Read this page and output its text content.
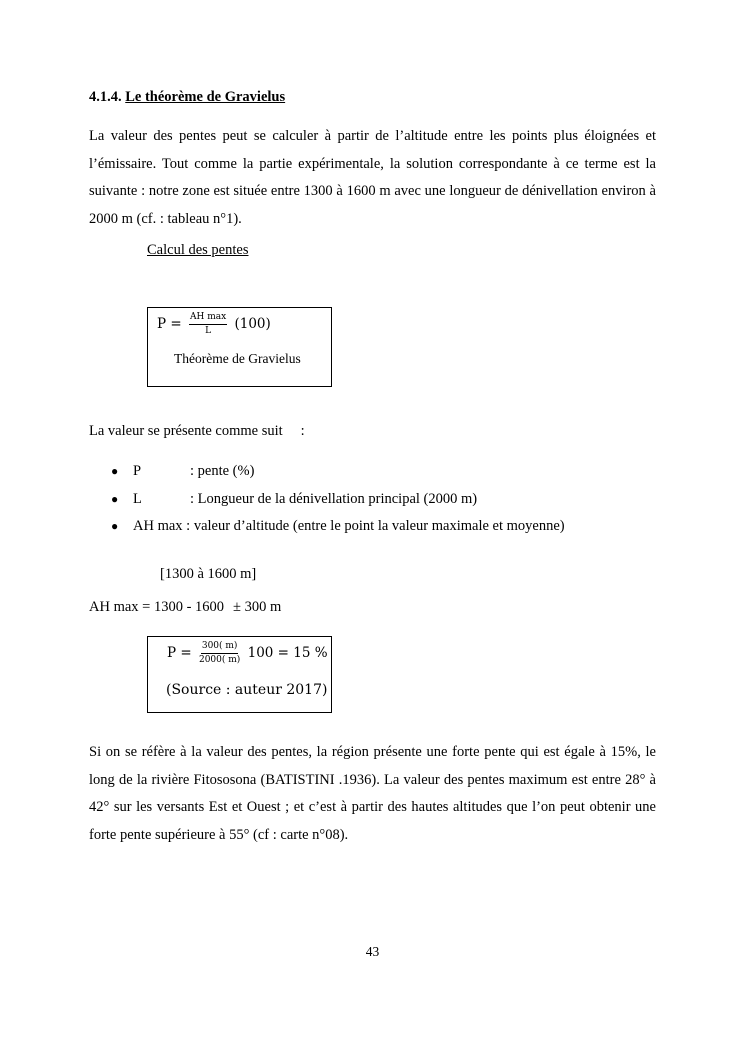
4.1.4. Le théorème de Gravielus
La valeur des pentes peut se calculer à partir de l’altitude entre les points plus éloignées et l’émissaire. Tout comme la partie expérimentale, la solution correspondante à ce terme est la suivante : notre zone est située entre 1300 à 1600 m avec une longueur de dénivellation environ à 2000 m (cf. : tableau n°1).
Calcul des pentes
$P = \frac{\text{AH max}}{L} (100)$
Théorème de Gravielus
La valeur se présente comme suit :
● P	: pente (%)
● L	: Longueur de la dénivellation principal (2000 m)
● AH max : valeur d’altitude (entre le point la valeur maximale et moyenne)
[1300 à 1600 m]
AH max = 1300 - 1600 ± 300 m
$P = \frac{300( m)}{2000( m)} 100 = 15$ %
(Source : auteur 2017)
Si on se réfère à la valeur des pentes, la région présente une forte pente qui est égale à 15%, le long de la rivière Fitososona (BATISTINI .1936). La valeur des pentes maximum est entre 28° à 42° sur les versants Est et Ouest ; et c’est à partir des hautes altitudes que l’on peut obtenir une forte pente supérieure à 55° (cf : carte n°08).
43
